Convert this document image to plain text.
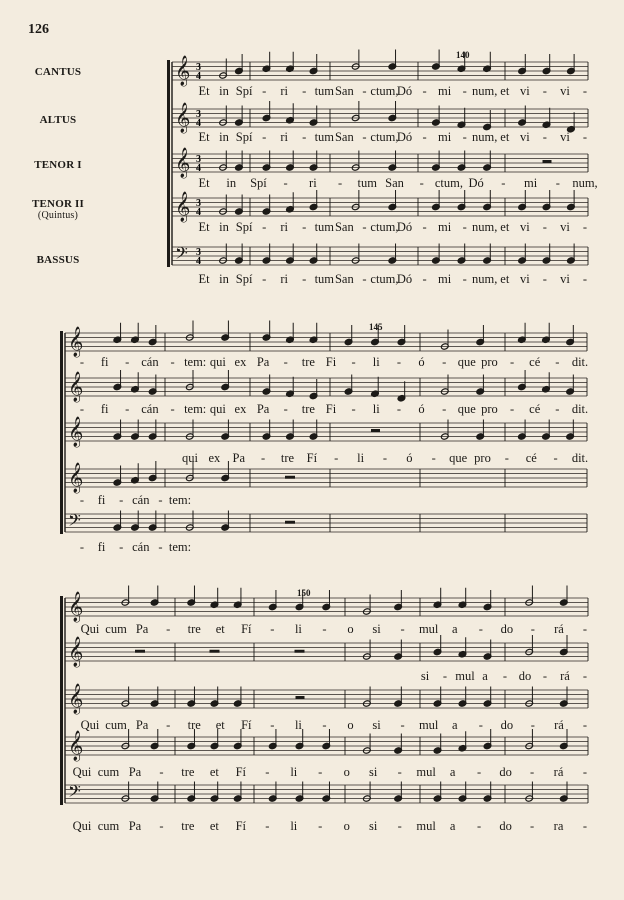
126
CANTUS
ALTUS
TENOR I
TENOR II
(Quintus)
BASSUS
140
145
150
𝄞 3
4
Et in Spí - ri - tum San - ctum,
Dó - mi - num, et vi - vi -
𝄞 3
4
Et in Spí - ri - tum San - ctum,
Dó - mi - num, et vi - vi -
𝄞 3
4
Et in Spí - ri - tum San - ctum, Dó - mi - num,
𝄞 3
4
Et in Spí - ri - tum San - ctum,
Dó - mi - num, et vi - vi -
𝄢 3
4
Et in Spí - ri - tum San - ctum,
Dó - mi - num, et vi - vi -
𝄞
- fi - cán - tem: qui ex Pa - tre Fi - li - ó - que pro - cé - dit.
𝄞
- fi - cán - tem: qui ex Pa - tre Fi - li - ó - que pro - cé - dit.
𝄞
qui ex Pa - tre Fí - li - ó - que pro - cé - dit.
𝄞
- fi - cán - tem:
𝄢
- fi - cán - tem:
𝄞
Qui cum Pa - tre et Fí - li - o si - mul a - do - rá -
𝄞
si - mul a - do - rá -
𝄞
Qui cum Pa - tre et Fí - li - o si - mul a - do - rá -
𝄞
Qui cum Pa - tre et Fí - li - o si - mul a - do - rá -
𝄢
Qui cum Pa - tre et Fí - li - o si - mul a - do - ra -
